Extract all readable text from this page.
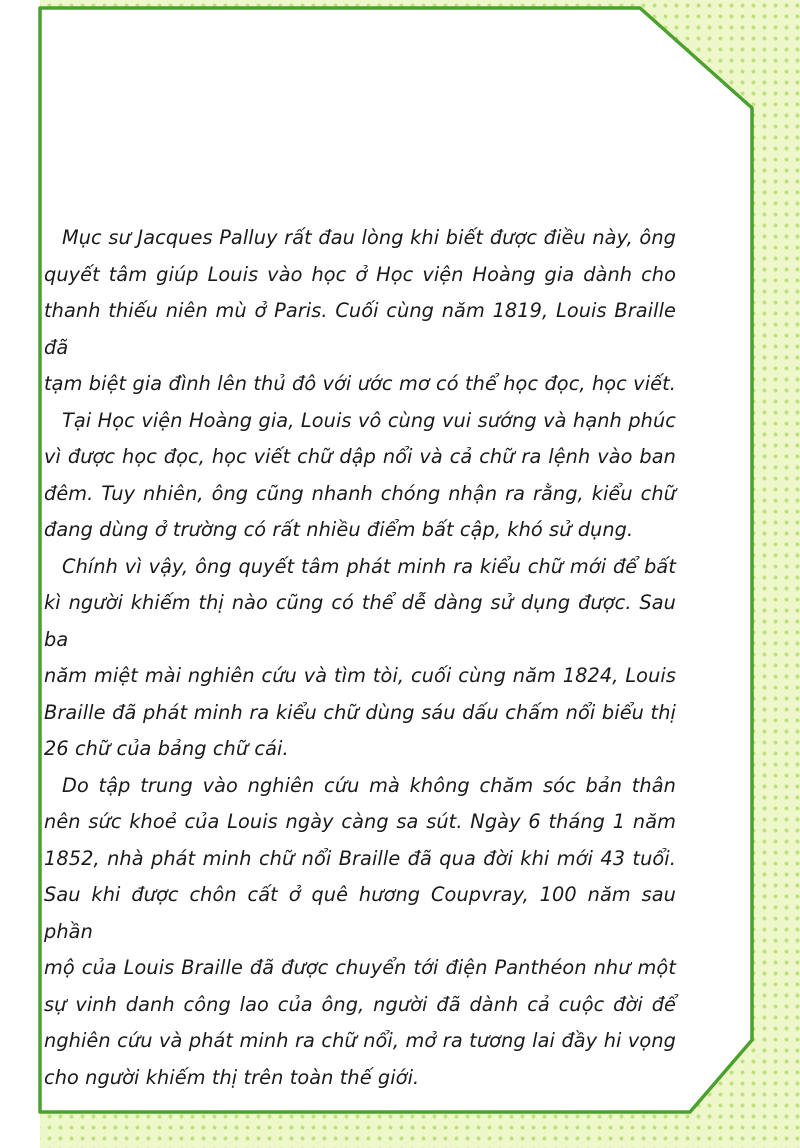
Mục sư Jacques Palluy rất đau lòng khi biết được điều này, ông
quyết tâm giúp Louis vào học ở Học viện Hoàng gia dành cho
thanh thiếu niên mù ở Paris. Cuối cùng năm 1819, Louis Braille đã
tạm biệt gia đình lên thủ đô với ước mơ có thể học đọc, học viết.

Tại Học viện Hoàng gia, Louis vô cùng vui sướng và hạnh phúc
vì được học đọc, học viết chữ dập nổi và cả chữ ra lệnh vào ban
đêm. Tuy nhiên, ông cũng nhanh chóng nhận ra rằng, kiểu chữ
đang dùng ở trường có rất nhiều điểm bất cập, khó sử dụng.

Chính vì vậy, ông quyết tâm phát minh ra kiểu chữ mới để bất
kì người khiếm thị nào cũng có thể dễ dàng sử dụng được. Sau ba
năm miệt mài nghiên cứu và tìm tòi, cuối cùng năm 1824, Louis
Braille đã phát minh ra kiểu chữ dùng sáu dấu chấm nổi biểu thị
26 chữ của bảng chữ cái.

Do tập trung vào nghiên cứu mà không chăm sóc bản thân
nên sức khoẻ của Louis ngày càng sa sút. Ngày 6 tháng 1 năm
1852, nhà phát minh chữ nổi Braille đã qua đời khi mới 43 tuổi.
Sau khi được chôn cất ở quê hương Coupvray, 100 năm sau phần
mộ của Louis Braille đã được chuyển tới điện Panthéon như một
sự vinh danh công lao của ông, người đã dành cả cuộc đời để
nghiên cứu và phát minh ra chữ nổi, mở ra tương lai đầy hi vọng
cho người khiếm thị trên toàn thế giới.
